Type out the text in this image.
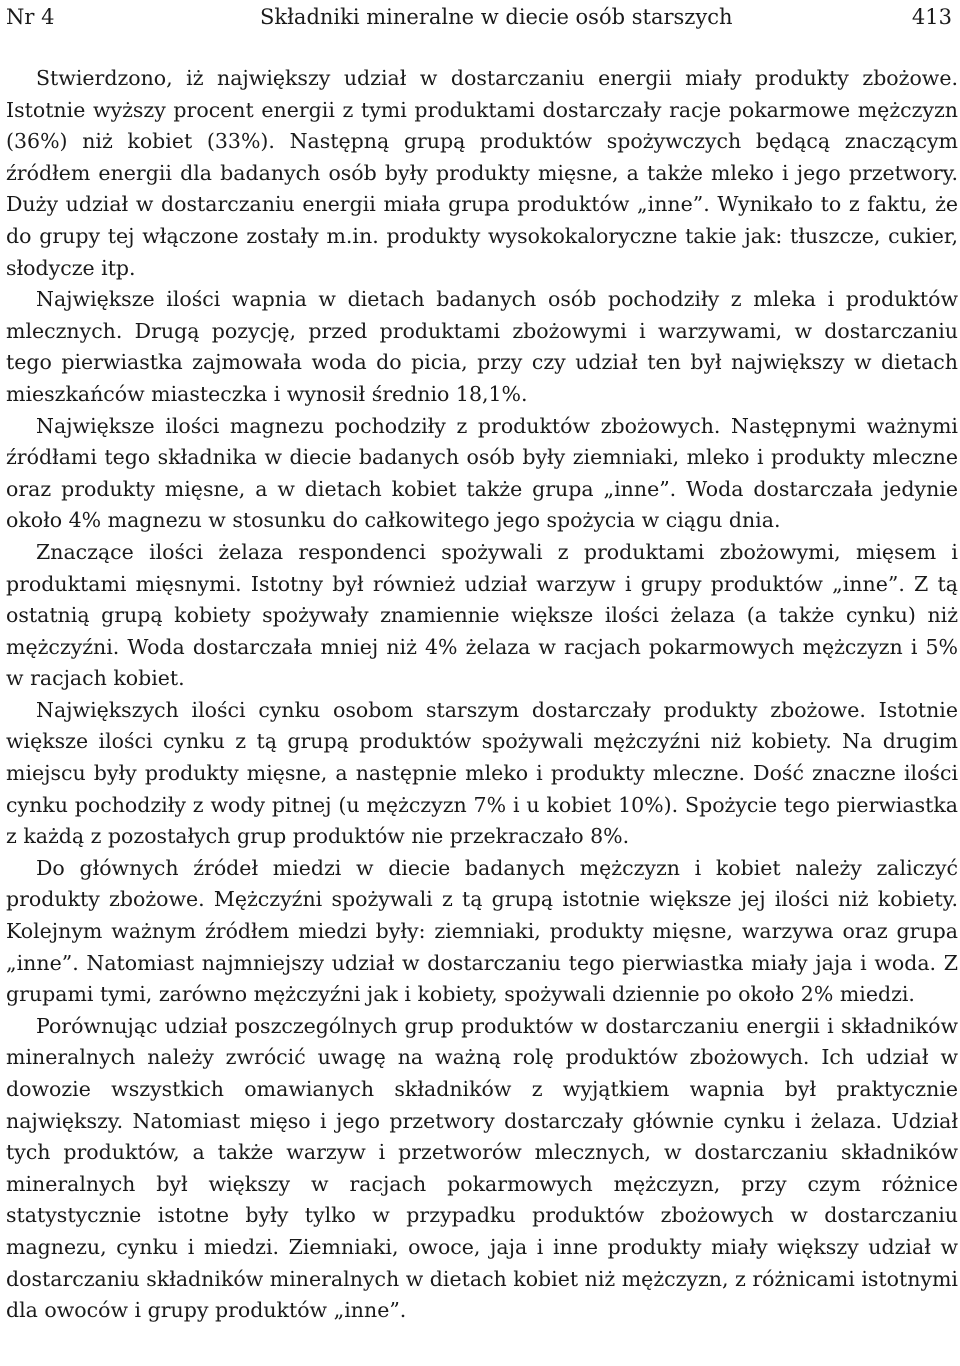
Nr 4	Składniki mineralne w diecie osób starszych	413

Stwierdzono, iż największy udział w dostarczaniu energii miały produkty zbożowe. Istotnie wyższy procent energii z tymi produktami dostarczały racje pokarmowe mężczyzn (36%) niż kobiet (33%). Następną grupą produktów spożywczych będącą znaczącym źródłem energii dla badanych osób były produkty mięsne, a także mleko i jego przetwory. Duży udział w dostarczaniu energii miała grupa produktów „inne”. Wynikało to z faktu, że do grupy tej włączone zostały m.in. produkty wysokokaloryczne takie jak: tłuszcze, cukier, słodycze itp.

Największe ilości wapnia w dietach badanych osób pochodziły z mleka i produktów mlecznych. Drugą pozycję, przed produktami zbożowymi i warzywami, w dostarczaniu tego pierwiastka zajmowała woda do picia, przy czy udział ten był największy w dietach mieszkańców miasteczka i wynosił średnio 18,1%.

Największe ilości magnezu pochodziły z produktów zbożowych. Następnymi ważnymi źródłami tego składnika w diecie badanych osób były ziemniaki, mleko i produkty mleczne oraz produkty mięsne, a w dietach kobiet także grupa „inne”. Woda dostarczała jedynie około 4% magnezu w stosunku do całkowitego jego spożycia w ciągu dnia.

Znaczące ilości żelaza respondenci spożywali z produktami zbożowymi, mięsem i produktami mięsnymi. Istotny był również udział warzyw i grupy produktów „inne”. Z tą ostatnią grupą kobiety spożywały znamiennie większe ilości żelaza (a także cynku) niż mężczyźni. Woda dostarczała mniej niż 4% żelaza w racjach pokarmowych mężczyzn i 5% w racjach kobiet.

Największych ilości cynku osobom starszym dostarczały produkty zbożowe. Istotnie większe ilości cynku z tą grupą produktów spożywali mężczyźni niż kobiety. Na drugim miejscu były produkty mięsne, a następnie mleko i produkty mleczne. Dość znaczne ilości cynku pochodziły z wody pitnej (u mężczyzn 7% i u kobiet 10%). Spożycie tego pierwiastka z każdą z pozostałych grup produktów nie przekraczało 8%.

Do głównych źródeł miedzi w diecie badanych mężczyzn i kobiet należy zaliczyć produkty zbożowe. Mężczyźni spożywali z tą grupą istotnie większe jej ilości niż kobiety. Kolejnym ważnym źródłem miedzi były: ziemniaki, produkty mięsne, warzywa oraz grupa „inne”. Natomiast najmniejszy udział w dostarczaniu tego pierwiastka miały jaja i woda. Z grupami tymi, zarówno mężczyźni jak i kobiety, spożywali dziennie po około 2% miedzi.

Porównując udział poszczególnych grup produktów w dostarczaniu energii i składników mineralnych należy zwrócić uwagę na ważną rolę produktów zbożowych. Ich udział w dowozie wszystkich omawianych składników z wyjątkiem wapnia był praktycznie największy. Natomiast mięso i jego przetwory dostarczały głównie cynku i żelaza. Udział tych produktów, a także warzyw i przetworów mlecznych, w dostarczaniu składników mineralnych był większy w racjach pokarmowych mężczyzn, przy czym różnice statystycznie istotne były tylko w przypadku produktów zbożowych w dostarczaniu magnezu, cynku i miedzi. Ziemniaki, owoce, jaja i inne produkty miały większy udział w dostarczaniu składników mineralnych w dietach kobiet niż mężczyzn, z różnicami istotnymi dla owoców i grupy produktów „inne”.
